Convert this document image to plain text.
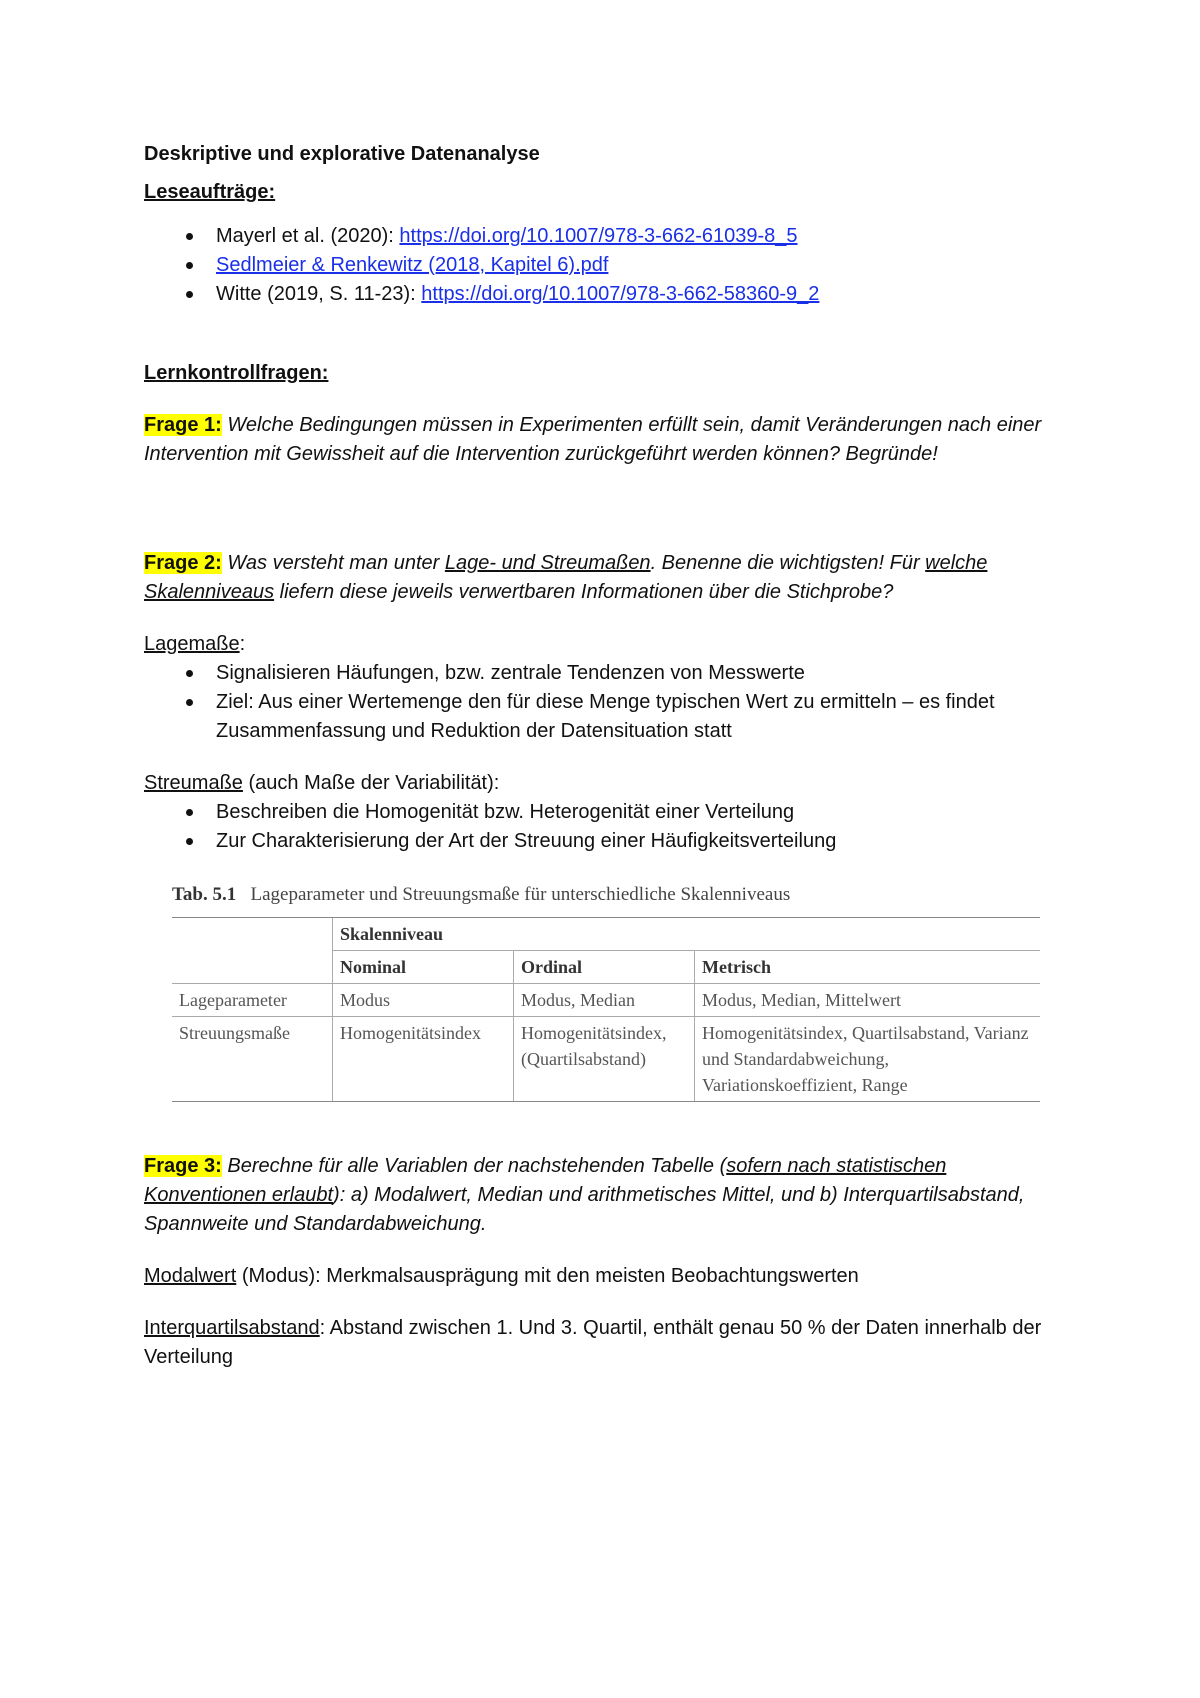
Deskriptive und explorative Datenanalyse

Leseaufträge:

Mayerl et al. (2020): https://doi.org/10.1007/978-3-662-61039-8_5
Sedlmeier & Renkewitz (2018, Kapitel 6).pdf
Witte (2019, S. 11-23): https://doi.org/10.1007/978-3-662-58360-9_2

Lernkontrollfragen:

Frage 1: Welche Bedingungen müssen in Experimenten erfüllt sein, damit Veränderungen nach einer Intervention mit Gewissheit auf die Intervention zurückgeführt werden können? Begründe!

Frage 2: Was versteht man unter Lage- und Streumaßen. Benenne die wichtigsten! Für welche Skalenniveaus liefern diese jeweils verwertbaren Informationen über die Stichprobe?

Lagemaße:

Signalisieren Häufungen, bzw. zentrale Tendenzen von Messwerte
Ziel: Aus einer Wertemenge den für diese Menge typischen Wert zu ermitteln – es findet Zusammenfassung und Reduktion der Datensituation statt

Streumaße (auch Maße der Variabilität):

Beschreiben die Homogenität bzw. Heterogenität einer Verteilung
Zur Charakterisierung der Art der Streuung einer Häufigkeitsverteilung

Tab. 5.1 Lageparameter und Streuungsmaße für unterschiedliche Skalenniveaus

	Skalenniveau		
	Nominal	Ordinal	Metrisch
Lageparameter	Modus	Modus, Median	Modus, Median, Mittelwert
Streuungsmaße	Homogenitätsindex	Homogenitätsindex, (Quartilsabstand)	Homogenitätsindex, Quartilsabstand, Varianz und Standardabweichung, Variationskoeffizient, Range

Frage 3: Berechne für alle Variablen der nachstehenden Tabelle (sofern nach statistischen Konventionen erlaubt): a) Modalwert, Median und arithmetisches Mittel, und b) Interquartilsabstand, Spannweite und Standardabweichung.

Modalwert (Modus): Merkmalsausprägung mit den meisten Beobachtungswerten

Interquartilsabstand: Abstand zwischen 1. Und 3. Quartil, enthält genau 50 % der Daten innerhalb der Verteilung
